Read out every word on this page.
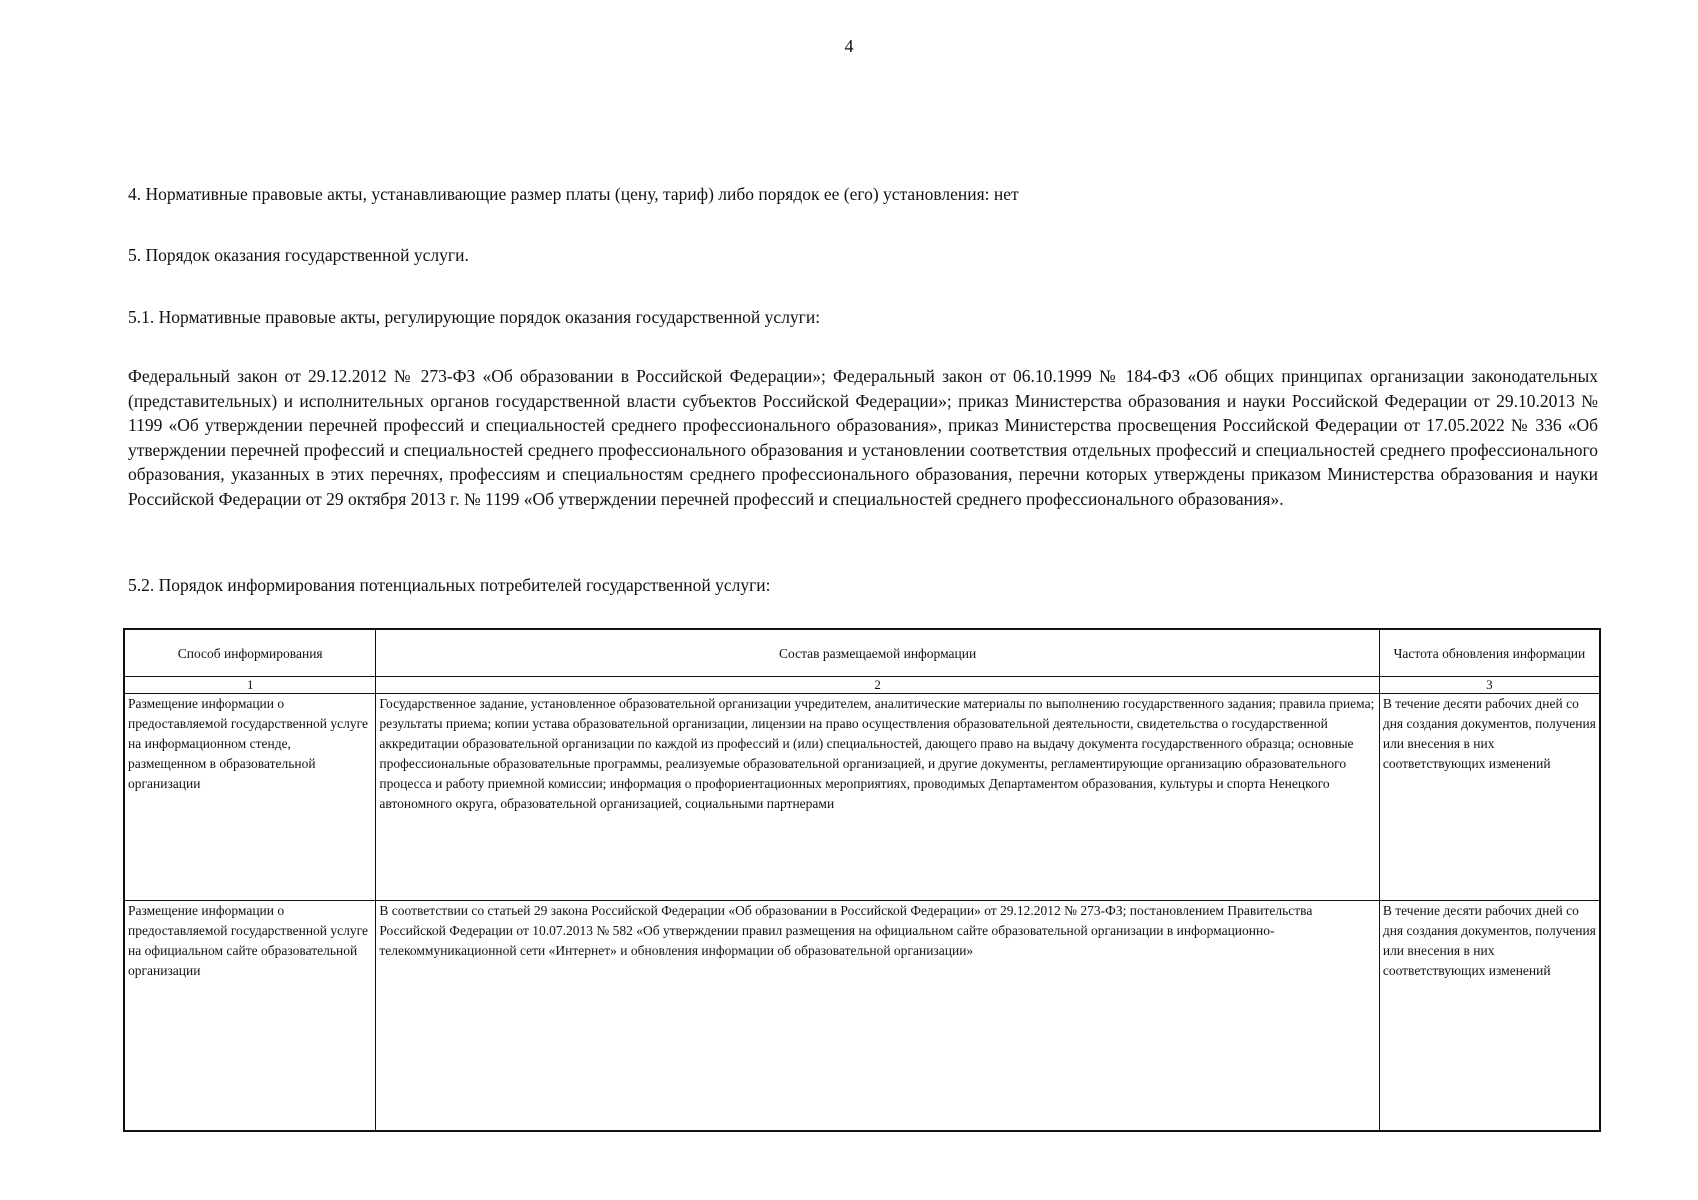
4
4. Нормативные правовые акты, устанавливающие размер платы (цену, тариф) либо порядок ее (его) установления: нет
5. Порядок оказания государственной услуги.
5.1. Нормативные правовые акты, регулирующие порядок оказания государственной услуги:
Федеральный закон от 29.12.2012 № 273-ФЗ «Об образовании в Российской Федерации»; Федеральный закон от 06.10.1999 № 184-ФЗ «Об общих принципах организации законодательных (представительных) и исполнительных органов государственной власти субъектов Российской Федерации»; приказ Министерства образования и науки Российской Федерации от 29.10.2013 № 1199 «Об утверждении перечней профессий и специальностей среднего профессионального образования», приказ Министерства просвещения Российской Федерации от 17.05.2022 № 336 «Об утверждении перечней профессий и специальностей среднего профессионального образования и установлении соответствия отдельных профессий и специальностей среднего профессионального образования, указанных в этих перечнях, профессиям и специальностям среднего профессионального образования, перечни которых утверждены приказом Министерства образования и науки Российской Федерации от 29 октября 2013 г. № 1199 «Об утверждении перечней профессий и специальностей среднего профессионального образования».
5.2. Порядок информирования потенциальных потребителей государственной услуги:
Способ информирования	Состав размещаемой информации	Частота обновления информации
1	2	3
Размещение информации о предоставляемой государственной услуге на информационном стенде, размещенном в образовательной организации	Государственное задание, установленное образовательной организации учредителем, аналитические материалы по выполнению государственного задания; правила приема; результаты приема; копии устава образовательной организации, лицензии на право осуществления образовательной деятельности, свидетельства о государственной аккредитации образовательной организации по каждой из профессий и (или) специальностей, дающего право на выдачу документа государственного образца; основные профессиональные образовательные программы, реализуемые образовательной организацией, и другие документы, регламентирующие организацию образовательного процесса и работу приемной комиссии; информация о профориентационных мероприятиях, проводимых Департаментом образования, культуры и спорта Ненецкого автономного округа, образовательной организацией, социальными партнерами	В течение десяти рабочих дней со дня создания документов, получения или внесения в них соответствующих изменений
Размещение информации о предоставляемой государственной услуге на официальном сайте образовательной организации	В соответствии со статьей 29 закона Российской Федерации «Об образовании в Российской Федерации» от 29.12.2012 № 273-ФЗ; постановлением Правительства Российской Федерации от 10.07.2013 № 582 «Об утверждении правил размещения на официальном сайте образовательной организации в информационно-телекоммуникационной сети «Интернет» и обновления информации об образовательной организации»	В течение десяти рабочих дней со дня создания документов, получения или внесения в них соответствующих изменений
